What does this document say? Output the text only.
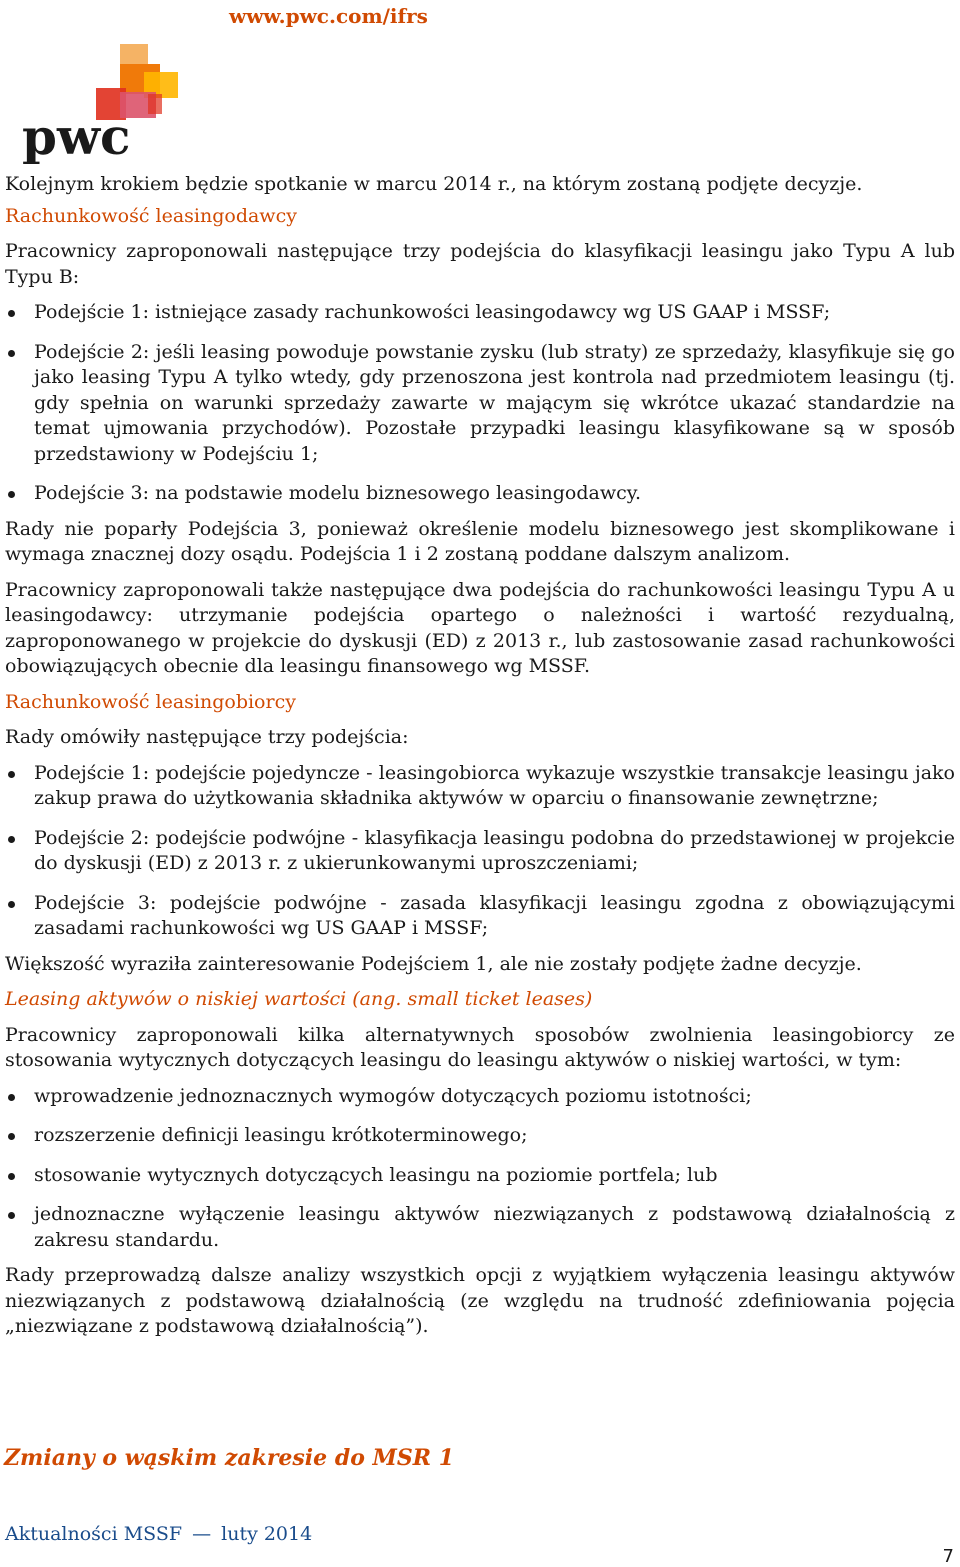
www.pwc.com/ifrs
pwc

Kolejnym krokiem będzie spotkanie w marcu 2014 r., na którym zostaną podjęte decyzje.

Rachunkowość leasingodawcy

Pracownicy zaproponowali następujące trzy podejścia do klasyfikacji leasingu jako Typu A lub Typu B:

Podejście 1: istniejące zasady rachunkowości leasingodawcy wg US GAAP i MSSF;
Podejście 2: jeśli leasing powoduje powstanie zysku (lub straty) ze sprzedaży, klasyfikuje się go jako leasing Typu A tylko wtedy, gdy przenoszona jest kontrola nad przedmiotem leasingu (tj. gdy spełnia on warunki sprzedaży zawarte w mającym się wkrótce ukazać standardzie na temat ujmowania przychodów). Pozostałe przypadki leasingu klasyfikowane są w sposób przedstawiony w Podejściu 1;
Podejście 3: na podstawie modelu biznesowego leasingodawcy.

Rady nie poparły Podejścia 3, ponieważ określenie modelu biznesowego jest skomplikowane i wymaga znacznej dozy osądu. Podejścia 1 i 2 zostaną poddane dalszym analizom.

Pracownicy zaproponowali także następujące dwa podejścia do rachunkowości leasingu Typu A u leasingodawcy: utrzymanie podejścia opartego o należności i wartość rezydualną, zaproponowanego w projekcie do dyskusji (ED) z 2013 r., lub zastosowanie zasad rachunkowości obowiązujących obecnie dla leasingu finansowego wg MSSF.

Rachunkowość leasingobiorcy

Rady omówiły następujące trzy podejścia:

Podejście 1: podejście pojedyncze - leasingobiorca wykazuje wszystkie transakcje leasingu jako zakup prawa do użytkowania składnika aktywów w oparciu o finansowanie zewnętrzne;
Podejście 2: podejście podwójne - klasyfikacja leasingu podobna do przedstawionej w projekcie do dyskusji (ED) z 2013 r. z ukierunkowanymi uproszczeniami;
Podejście 3: podejście podwójne - zasada klasyfikacji leasingu zgodna z obowiązującymi zasadami rachunkowości wg US GAAP i MSSF;

Większość wyraziła zainteresowanie Podejściem 1, ale nie zostały podjęte żadne decyzje.

Leasing aktywów o niskiej wartości (ang. small ticket leases)

Pracownicy zaproponowali kilka alternatywnych sposobów zwolnienia leasingobiorcy ze stosowania wytycznych dotyczących leasingu do leasingu aktywów o niskiej wartości, w tym:

wprowadzenie jednoznacznych wymogów dotyczących poziomu istotności;
rozszerzenie definicji leasingu krótkoterminowego;
stosowanie wytycznych dotyczących leasingu na poziomie portfela; lub
jednoznaczne wyłączenie leasingu aktywów niezwiązanych z podstawową działalnością z zakresu standardu.

Rady przeprowadzą dalsze analizy wszystkich opcji z wyjątkiem wyłączenia leasingu aktywów niezwiązanych z podstawową działalnością (ze względu na trudność zdefiniowania pojęcia „niezwiązane z podstawową działalnością”).

Zmiany o wąskim zakresie do MSR 1
Aktualności MSSF — luty 2014
7
